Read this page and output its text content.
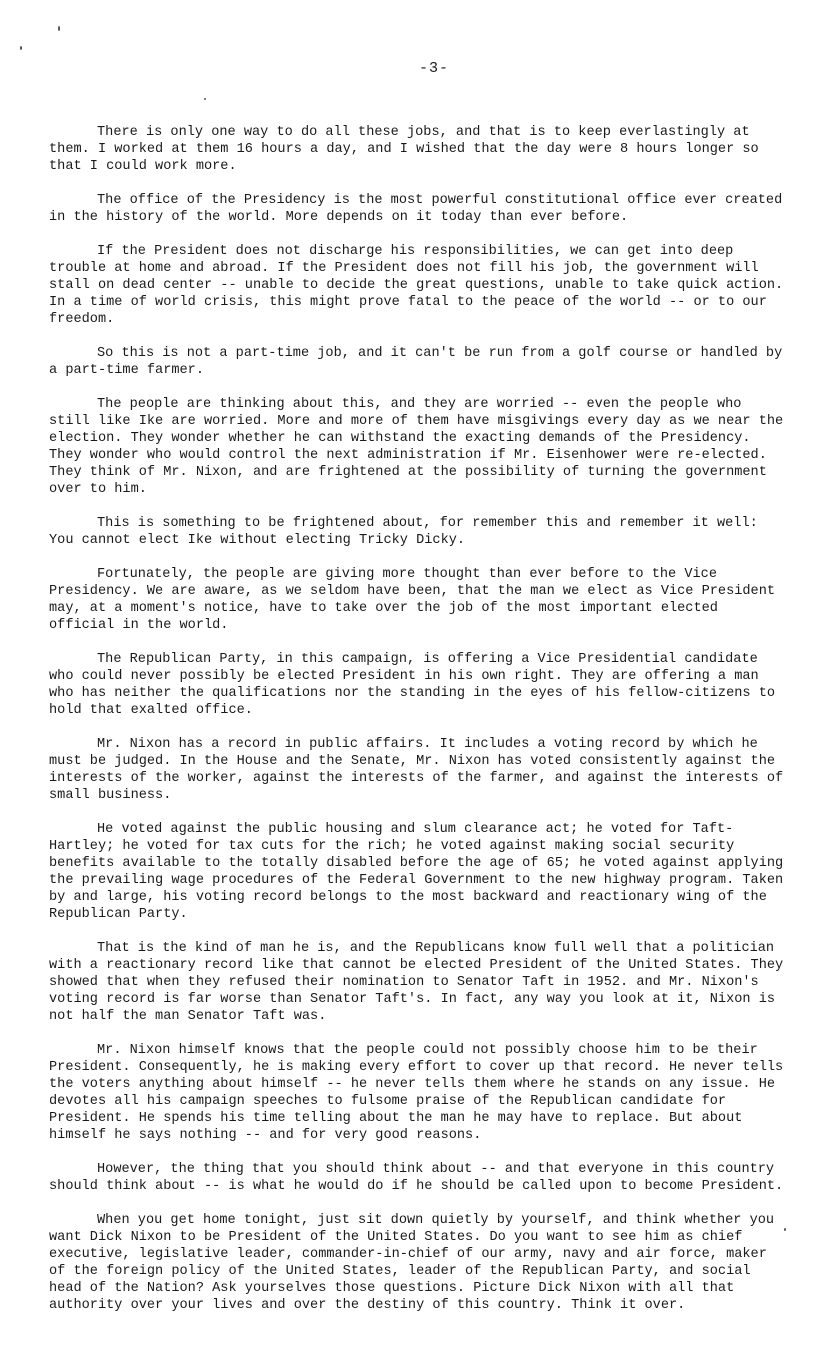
-3-

There is only one way to do all these jobs, and that is to keep everlastingly at them. I worked at them 16 hours a day, and I wished that the day were 8 hours longer so that I could work more.

The office of the Presidency is the most powerful constitutional office ever created in the history of the world. More depends on it today than ever before.

If the President does not discharge his responsibilities, we can get into deep trouble at home and abroad. If the President does not fill his job, the government will stall on dead center -- unable to decide the great questions, unable to take quick action. In a time of world crisis, this might prove fatal to the peace of the world -- or to our freedom.

So this is not a part-time job, and it can't be run from a golf course or handled by a part-time farmer.

The people are thinking about this, and they are worried -- even the people who still like Ike are worried. More and more of them have misgivings every day as we near the election. They wonder whether he can withstand the exacting demands of the Presidency. They wonder who would control the next administration if Mr. Eisenhower were re-elected. They think of Mr. Nixon, and are frightened at the possibility of turning the government over to him.

This is something to be frightened about, for remember this and remember it well: You cannot elect Ike without electing Tricky Dicky.

Fortunately, the people are giving more thought than ever before to the Vice Presidency. We are aware, as we seldom have been, that the man we elect as Vice President may, at a moment's notice, have to take over the job of the most important elected official in the world.

The Republican Party, in this campaign, is offering a Vice Presidential candidate who could never possibly be elected President in his own right. They are offering a man who has neither the qualifications nor the standing in the eyes of his fellow-citizens to hold that exalted office.

Mr. Nixon has a record in public affairs. It includes a voting record by which he must be judged. In the House and the Senate, Mr. Nixon has voted consistently against the interests of the worker, against the interests of the farmer, and against the interests of small business.

He voted against the public housing and slum clearance act; he voted for Taft-Hartley; he voted for tax cuts for the rich; he voted against making social security benefits available to the totally disabled before the age of 65; he voted against applying the prevailing wage procedures of the Federal Government to the new highway program. Taken by and large, his voting record belongs to the most backward and reactionary wing of the Republican Party.

That is the kind of man he is, and the Republicans know full well that a politician with a reactionary record like that cannot be elected President of the United States. They showed that when they refused their nomination to Senator Taft in 1952. and Mr. Nixon's voting record is far worse than Senator Taft's. In fact, any way you look at it, Nixon is not half the man Senator Taft was.

Mr. Nixon himself knows that the people could not possibly choose him to be their President. Consequently, he is making every effort to cover up that record. He never tells the voters anything about himself -- he never tells them where he stands on any issue. He devotes all his campaign speeches to fulsome praise of the Republican candidate for President. He spends his time telling about the man he may have to replace. But about himself he says nothing -- and for very good reasons.

However, the thing that you should think about -- and that everyone in this country should think about -- is what he would do if he should be called upon to become President.

When you get home tonight, just sit down quietly by yourself, and think whether you want Dick Nixon to be President of the United States. Do you want to see him as chief executive, legislative leader, commander-in-chief of our army, navy and air force, maker of the foreign policy of the United States, leader of the Republican Party, and social head of the Nation? Ask yourselves those questions. Picture Dick Nixon with all that authority over your lives and over the destiny of this country. Think it over.
